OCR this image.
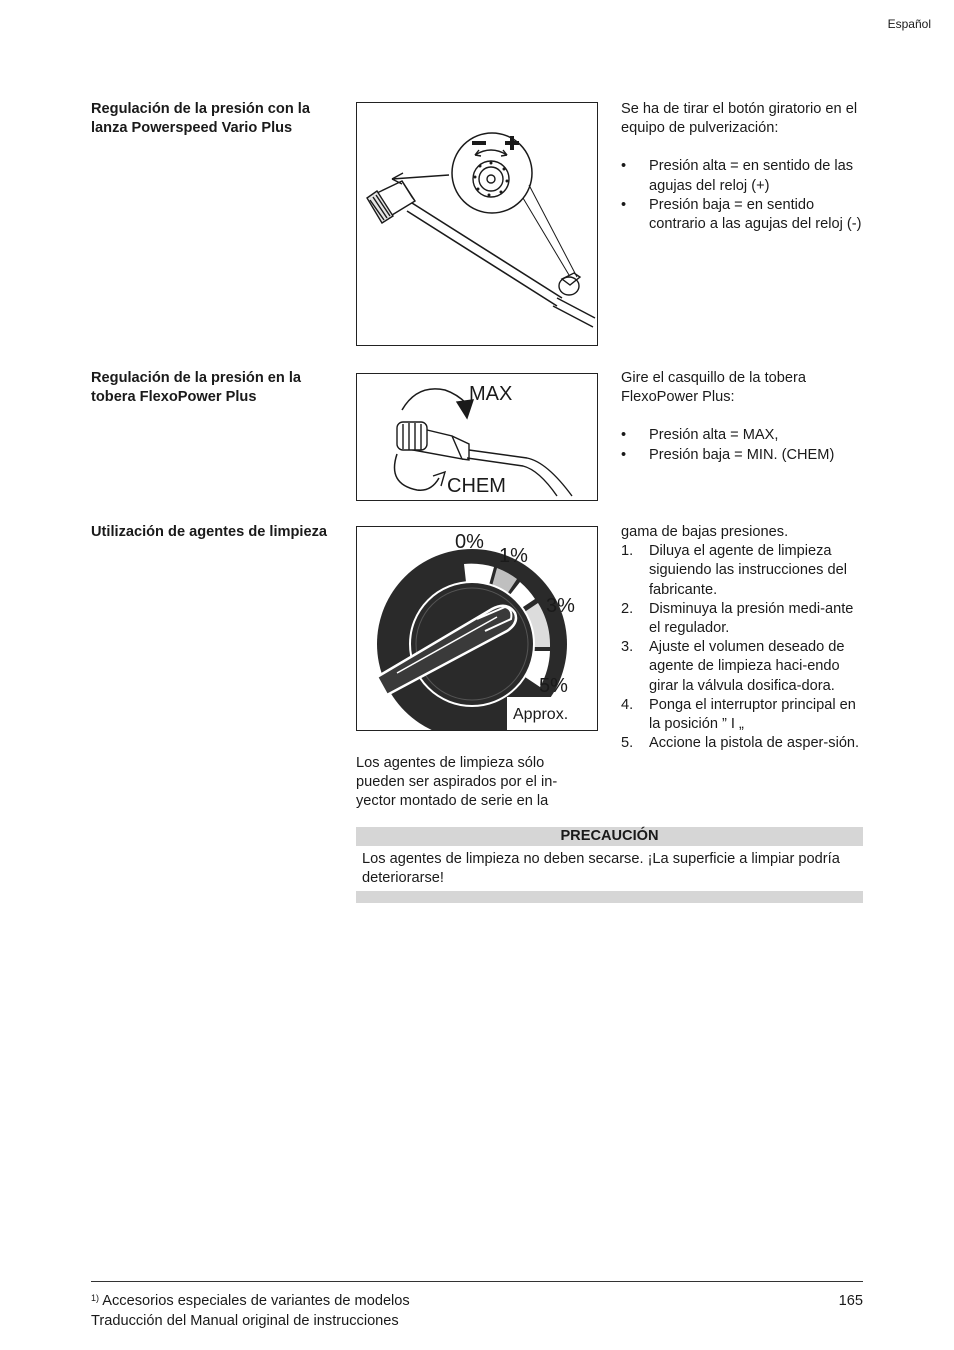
Español
Regulación de la presión con la lanza Powerspeed Vario Plus

Se ha de tirar el botón giratorio en el equipo de pulverización:

• Presión alta = en sentido de las agujas del reloj (+)
• Presión baja = en sentido contrario a las agujas del reloj (-)
Regulación de la presión en la tobera FlexoPower Plus	MAX
CHEM

Gire el casquillo de la tobera FlexoPower Plus:

• Presión alta = MAX,
• Presión baja = MIN. (CHEM)
Utilización de agentes de limpieza	0%
1%
3%
5%
Approx.
Los agentes de limpieza sólo pueden ser aspirados por el in-yector montado de serie en la

gama de bajas presiones.

1. Diluya el agente de limpieza siguiendo las instrucciones del fabricante.
2. Disminuya la presión medi-ante el regulador.
3. Ajuste el volumen deseado de agente de limpieza haci-endo girar la válvula dosifica-dora.
4. Ponga el interruptor principal en la posición ” I „
5. Accione la pistola de asper-sión.
PRECAUCIÓN
Los agentes de limpieza no deben secarse. ¡La superficie a limpiar podría deteriorarse!
$^{1)}$ Accesorios especiales de variantes de modelos	165
Traducción del Manual original de instrucciones
